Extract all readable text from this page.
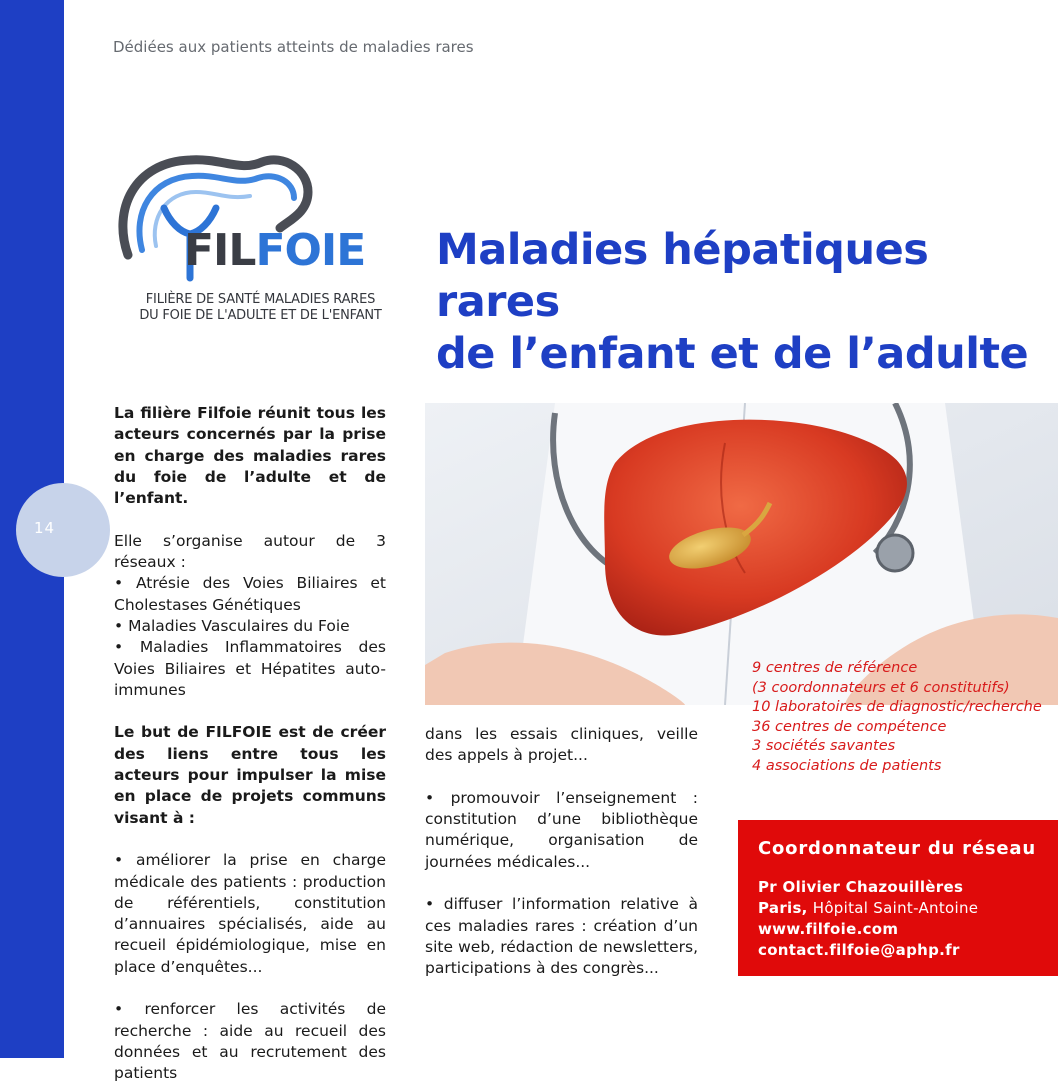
14
Dédiées aux patients atteints de maladies rares
FILFOIE
FILIÈRE DE SANTÉ MALADIES RARES
DU FOIE DE L'ADULTE ET DE L'ENFANT
Maladies hépatiques rares
de l’enfant et de l’adulte

La filière Filfoie réunit tous les acteurs concernés par la prise en charge des maladies rares du foie de l’adulte et de l’enfant.

Elle s’organise autour de 3 réseaux :

• Atrésie des Voies Biliaires et Cholestases Génétiques

• Maladies Vasculaires du Foie

• Maladies Inflammatoires des Voies Biliaires et Hépatites auto-immunes

Le but de FILFOIE est de créer des liens entre tous les acteurs pour impulser la mise en place de projets communs visant à :

• améliorer la prise en charge médicale des patients : production de référentiels, constitution d’annuaires spécialisés, aide au recueil épidémiologique, mise en place d’enquêtes...

• renforcer les activités de recherche : aide au recueil des données et au recrutement des patients

dans les essais cliniques, veille des appels à projet...

• promouvoir l’enseignement : constitution d’une bibliothèque numérique, organisation de journées médicales...

• diffuser l’information relative à ces maladies rares : création d’un site web, rédaction de newsletters, participations à des congrès...

9 centres de référence
(3 coordonnateurs et 6 constitutifs)
10 laboratoires de diagnostic/recherche
36 centres de compétence
3 sociétés savantes
4 associations de patients
Coordonnateur du réseau
Pr Olivier Chazouillères
Paris, Hôpital Saint-Antoine
www.filfoie.com
contact.filfoie@aphp.fr
